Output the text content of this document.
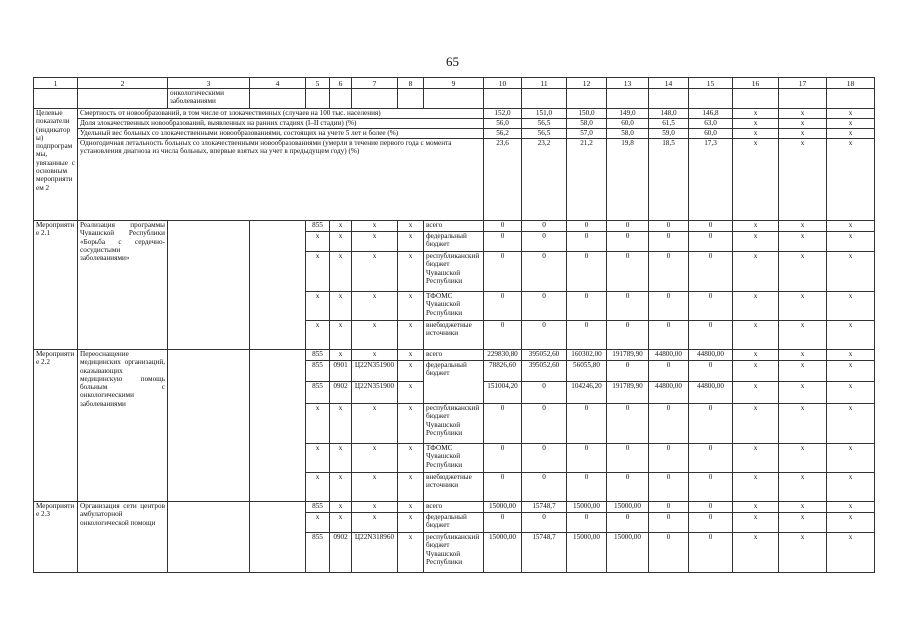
65
1	2	3	4	5	6	7	8	9	10	11	12	13	14	15	16	17	18
		онкологическими заболеваниями															
Целевые показатели (индикаторы) подпрограммы, увязанные с основным мероприятием 2	Смертность от новообразований, в том числе от злокачественных (случаев на 100 тыс. населения)								152,0	151,0	150,0	149,0	148,0	146,8	x	x	x
	Доля злокачественных новообразований, выявленных на ранних стадиях (I–II стадии) (%)								56,0	56,5	58,0	60,0	61,5	63,0	x	x	x
	Удельный вес больных со злокачественными новообразованиями, состоящих на учете 5 лет и более (%)								56,2	56,5	57,0	58,0	59,0	60,0	x	x	x
	Одногодичная летальность больных со злокачественными новообразованиями (умерли в течение первого года с момента установления диагноза из числа больных, впервые взятых на учет в предыдущем году) (%)								23,6	23,2	21,2	19,8	18,5	17,3	x	x	x
Мероприятие 2.1	Реализация программы Чувашской Республики «Борьба с сердечно-сосудистыми заболеваниями»			855	x	x	x	всего	0	0	0	0	0	0	x	x	x
				x	x	x	x	федеральный бюджет	0	0	0	0	0	0	x	x	x
				x	x	x	x	республиканский бюджет Чувашской Республики	0	0	0	0	0	0	x	x	x
				x	x	x	x	ТФОМС Чувашской Республики	0	0	0	0	0	0	x	x	x
				x	x	x	x	внебюджетные источники	0	0	0	0	0	0	x	x	x
Мероприятие 2.2	Переоснащение медицинских организаций, оказывающих медицинскую помощь больным с онкологическими заболеваниями			855	x	x	x	всего	229830,80	395052,60	160302,00	191789,90	44800,00	44800,00	x	x	x
				855	0901	Ц22N351900	x	федеральный бюджет	78826,60	395052,60	56055,80	0	0	0	x	x	x
				855	0902	Ц22N351900	x		151004,20	0	104246,20	191789,90	44800,00	44800,00	x	x	x
				x	x	x	x	республиканский бюджет Чувашской Республики	0	0	0	0	0	0	x	x	x
				x	x	x	x	ТФОМС Чувашской Республики	0	0	0	0	0	0	x	x	x
				x	x	x	x	внебюджетные источники	0	0	0	0	0	0	x	x	x
Мероприятие 2.3	Организация сети центров амбулаторной онкологической помощи			855	x	x	x	всего	15000,00	15748,7	15000,00	15000,00	0	0	x	x	x
				x	x	x	x	федеральный бюджет	0	0	0	0	0	0	x	x	x
				855	0902	Ц22N318960	x	республиканский бюджет Чувашской Республики	15000,00	15748,7	15000,00	15000,00	0	0	x	x	x
